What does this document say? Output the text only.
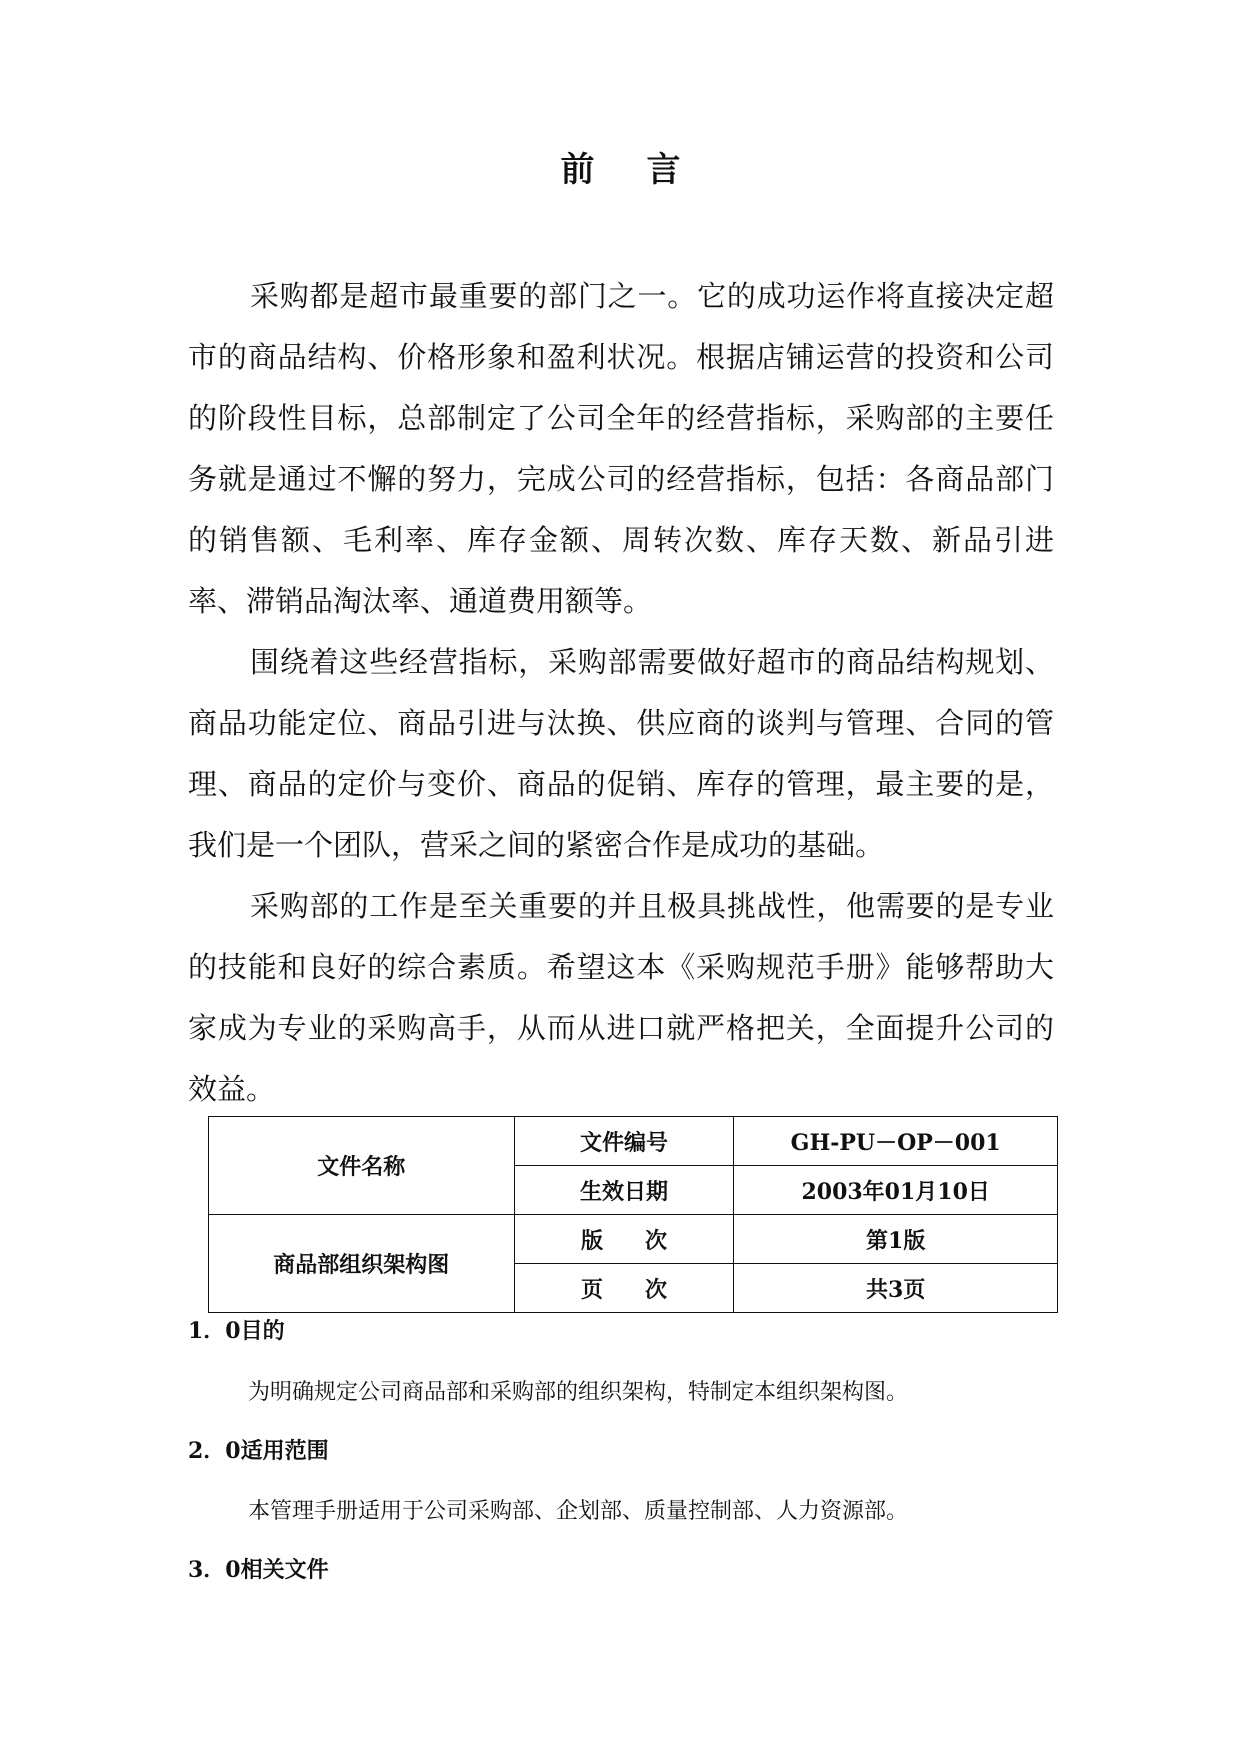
前言

采购都是超市最重要的部门之一。它的成功运作将直接决定超市的商品结构、价格形象和盈利状况。根据店铺运营的投资和公司的阶段性目标，总部制定了公司全年的经营指标，采购部的主要任务就是通过不懈的努力，完成公司的经营指标，包括：各商品部门的销售额、毛利率、库存金额、周转次数、库存天数、新品引进率、滞销品淘汰率、通道费用额等。

围绕着这些经营指标，采购部需要做好超市的商品结构规划、商品功能定位、商品引进与汰换、供应商的谈判与管理、合同的管理、商品的定价与变价、商品的促销、库存的管理，最主要的是，我们是一个团队，营采之间的紧密合作是成功的基础。

采购部的工作是至关重要的并且极具挑战性，他需要的是专业的技能和良好的综合素质。希望这本《采购规范手册》能够帮助大家成为专业的采购高手，从而从进口就严格把关，全面提升公司的效益。

文件名称	文件编号	GH-PU－OP－001
	生效日期	2003年01月10日
商品部组织架构图	版次	第1版
	页次	共3页
1．0目的
为明确规定公司商品部和采购部的组织架构，特制定本组织架构图。
2．0适用范围
本管理手册适用于公司采购部、企划部、质量控制部、人力资源部。
3．0相关文件
